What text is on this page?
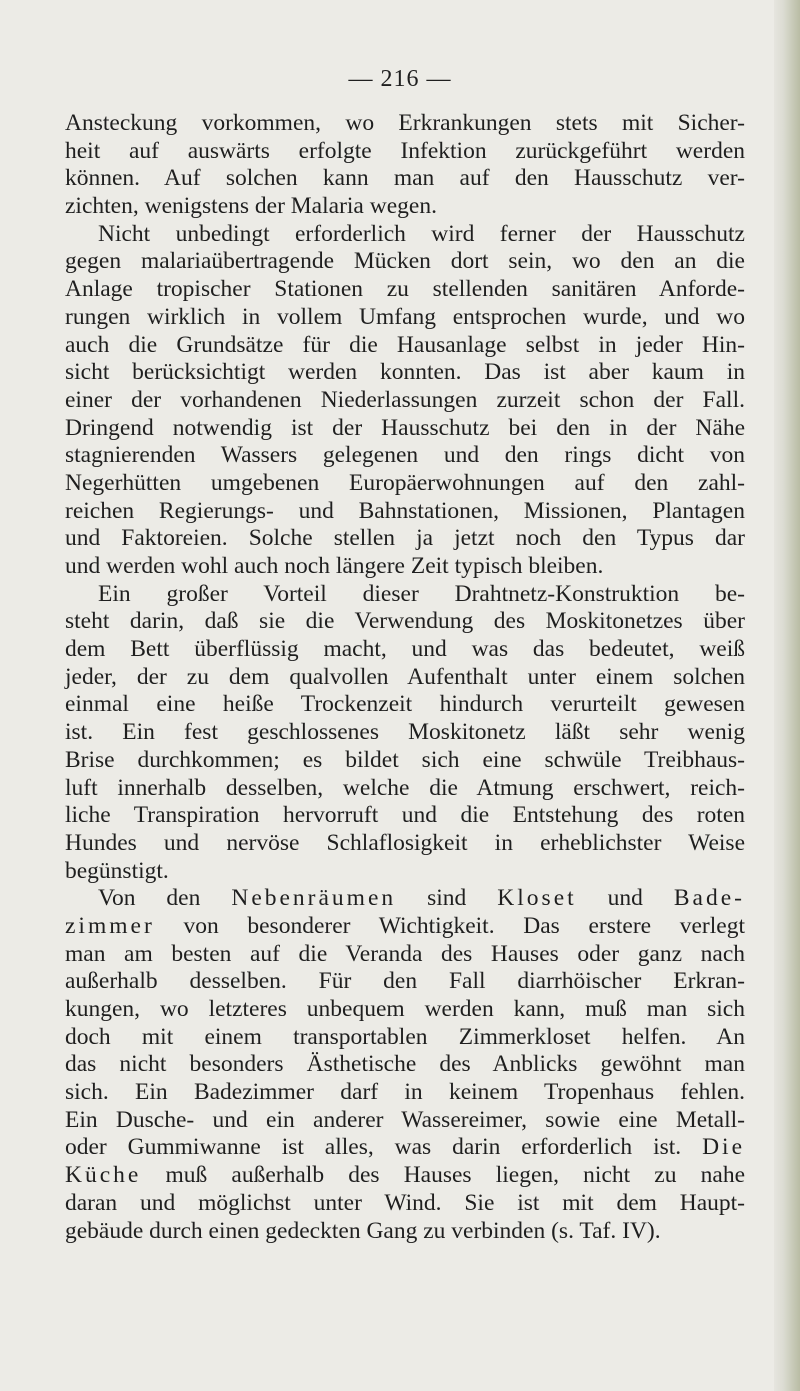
— 216 —
Ansteckung vorkommen, wo Erkrankungen stets mit Sicher-
heit auf auswärts erfolgte Infektion zurückgeführt werden
können. Auf solchen kann man auf den Hausschutz ver-
zichten, wenigstens der Malaria wegen.
Nicht unbedingt erforderlich wird ferner der Hausschutz
gegen malariaübertragende Mücken dort sein, wo den an die
Anlage tropischer Stationen zu stellenden sanitären Anforde-
rungen wirklich in vollem Umfang entsprochen wurde, und wo
auch die Grundsätze für die Hausanlage selbst in jeder Hin-
sicht berücksichtigt werden konnten. Das ist aber kaum in
einer der vorhandenen Niederlassungen zurzeit schon der Fall.
Dringend notwendig ist der Hausschutz bei den in der Nähe
stagnierenden Wassers gelegenen und den rings dicht von
Negerhütten umgebenen Europäerwohnungen auf den zahl-
reichen Regierungs- und Bahnstationen, Missionen, Plantagen
und Faktoreien. Solche stellen ja jetzt noch den Typus dar
und werden wohl auch noch längere Zeit typisch bleiben.
Ein großer Vorteil dieser Drahtnetz-Konstruktion be-
steht darin, daß sie die Verwendung des Moskitonetzes über
dem Bett überflüssig macht, und was das bedeutet, weiß
jeder, der zu dem qualvollen Aufenthalt unter einem solchen
einmal eine heiße Trockenzeit hindurch verurteilt gewesen
ist. Ein fest geschlossenes Moskitonetz läßt sehr wenig
Brise durchkommen; es bildet sich eine schwüle Treibhaus-
luft innerhalb desselben, welche die Atmung erschwert, reich-
liche Transpiration hervorruft und die Entstehung des roten
Hundes und nervöse Schlaflosigkeit in erheblichster Weise
begünstigt.
Von den Nebenräumen sind Kloset und Bade-
zimmer von besonderer Wichtigkeit. Das erstere verlegt
man am besten auf die Veranda des Hauses oder ganz nach
außerhalb desselben. Für den Fall diarrhöischer Erkran-
kungen, wo letzteres unbequem werden kann, muß man sich
doch mit einem transportablen Zimmerkloset helfen. An
das nicht besonders Ästhetische des Anblicks gewöhnt man
sich. Ein Badezimmer darf in keinem Tropenhaus fehlen.
Ein Dusche- und ein anderer Wassereimer, sowie eine Metall-
oder Gummiwanne ist alles, was darin erforderlich ist. Die
Küche muß außerhalb des Hauses liegen, nicht zu nahe
daran und möglichst unter Wind. Sie ist mit dem Haupt-
gebäude durch einen gedeckten Gang zu verbinden (s. Taf. IV).
